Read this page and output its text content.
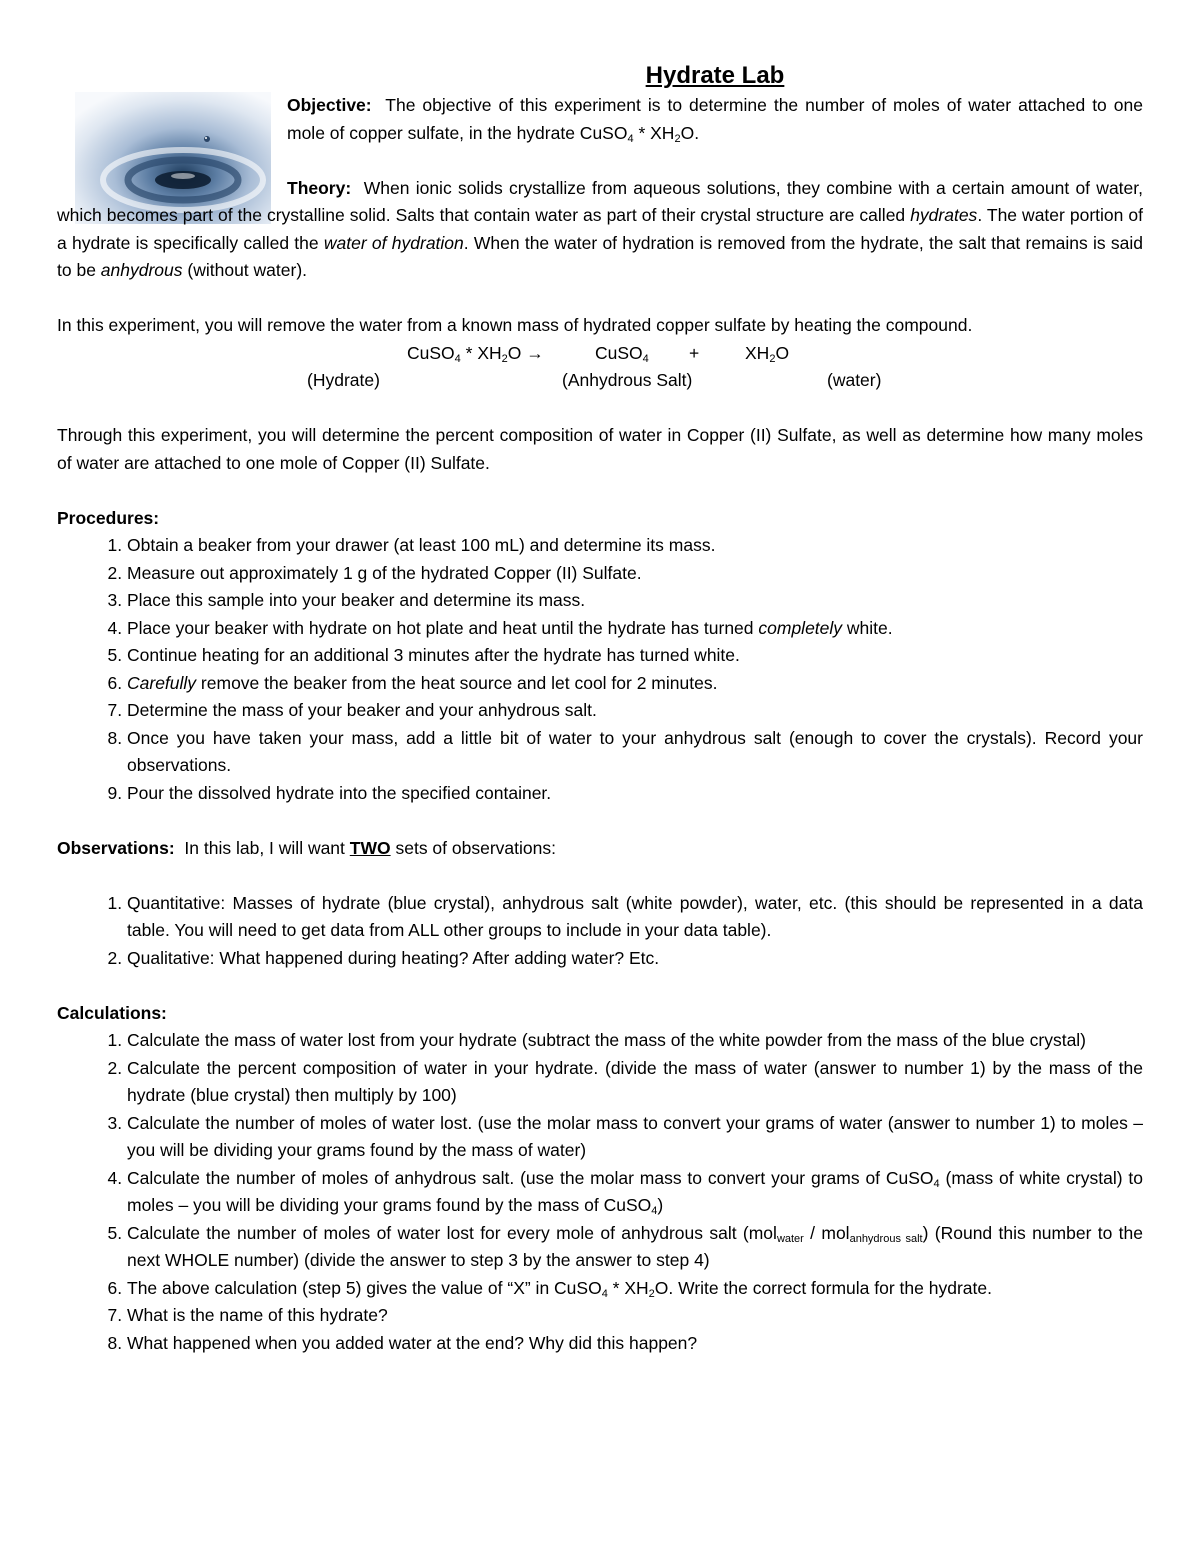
Hydrate Lab

Objective: The objective of this experiment is to determine the number of moles of water attached to one mole of copper sulfate, in the hydrate CuSO$_4$ * $XH_2O$.

Theory: When ionic solids crystallize from aqueous solutions, they combine with a certain amount of water, which becomes part of the crystalline solid. Salts that contain water as part of their crystal structure are called hydrates. The water portion of a hydrate is specifically called the water of hydration. When the water of hydration is removed from the hydrate, the salt that remains is said to be anhydrous (without water).

In this experiment, you will remove the water from a known mass of hydrated copper sulfate by heating the compound.

CuSO$_4$ * $XH_2O$ →	CuSO$_4$ +	$XH_2O$
(Hydrate)	(Anhydrous Salt)	(water)

Through this experiment, you will determine the percent composition of water in Copper (II) Sulfate, as well as determine how many moles of water are attached to one mole of Copper (II) Sulfate.

Procedures:
1. Obtain a beaker from your drawer (at least 100 mL) and determine its mass.
2. Measure out approximately 1 g of the hydrated Copper (II) Sulfate.
3. Place this sample into your beaker and determine its mass.
4. Place your beaker with hydrate on hot plate and heat until the hydrate has turned completely white.
5. Continue heating for an additional 3 minutes after the hydrate has turned white.
6. Carefully remove the beaker from the heat source and let cool for 2 minutes.
7. Determine the mass of your beaker and your anhydrous salt.
8. Once you have taken your mass, add a little bit of water to your anhydrous salt (enough to cover the crystals). Record your observations.
9. Pour the dissolved hydrate into the specified container.

Observations: In this lab, I will want TWO sets of observations:

1. Quantitative: Masses of hydrate (blue crystal), anhydrous salt (white powder), water, etc. (this should be represented in a data table. You will need to get data from ALL other groups to include in your data table).
2. Qualitative: What happened during heating? After adding water? Etc.
Calculations:
1. Calculate the mass of water lost from your hydrate (subtract the mass of the white powder from the mass of the blue crystal)
2. Calculate the percent composition of water in your hydrate. (divide the mass of water (answer to number 1) by the mass of the hydrate (blue crystal) then multiply by 100)
3. Calculate the number of moles of water lost. (use the molar mass to convert your grams of water (answer to number 1) to moles – you will be dividing your grams found by the mass of water)
4. Calculate the number of moles of anhydrous salt. (use the molar mass to convert your grams of CuSO$_4$ (mass of white crystal) to moles – you will be dividing your grams found by the mass of CuSO$_4$)
5. Calculate the number of moles of water lost for every mole of anhydrous salt (mol$_{water}$ / mol$_{anhydrous salt}$) (Round this number to the next WHOLE number) (divide the answer to step 3 by the answer to step 4)
6. The above calculation (step 5) gives the value of “X” in CuSO$_4$ * $XH_2O$. Write the correct formula for the hydrate.
7. What is the name of this hydrate?
8. What happened when you added water at the end? Why did this happen?
